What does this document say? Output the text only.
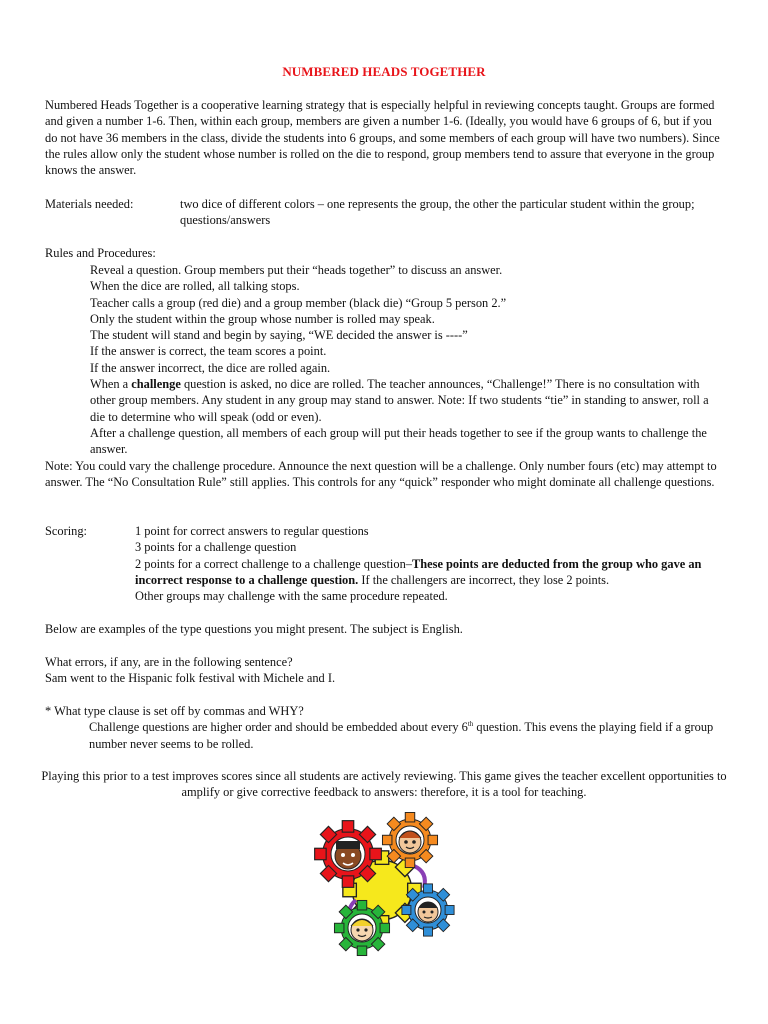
NUMBERED HEADS TOGETHER
Numbered Heads Together is a cooperative learning strategy that is especially helpful in reviewing concepts taught. Groups are formed and given a number 1-6. Then, within each group, members are given a number 1-6. (Ideally, you would have 6 groups of 6, but if you do not have 36 members in the class, divide the students into 6 groups, and some members of each group will have two numbers). Since the rules allow only the student whose number is rolled on the die to respond, group members tend to assure that everyone in the group knows the answer.
Materials needed:	two dice of different colors – one represents the group, the other the particular student within the group; questions/answers
Rules and Procedures:
Reveal a question. Group members put their “heads together” to discuss an answer.
When the dice are rolled, all talking stops.
Teacher calls a group (red die) and a group member (black die) “Group 5 person 2.”
Only the student within the group whose number is rolled may speak.
The student will stand and begin by saying, “WE decided the answer is ----”
If the answer is correct, the team scores a point.
If the answer incorrect, the dice are rolled again.
When a challenge question is asked, no dice are rolled. The teacher announces, “Challenge!” There is no consultation with other group members. Any student in any group may stand to answer. Note: If two students “tie” in standing to answer, roll a die to determine who will speak (odd or even).
After a challenge question, all members of each group will put their heads together to see if the group wants to challenge the answer.
Note: You could vary the challenge procedure. Announce the next question will be a challenge. Only number fours (etc) may attempt to answer. The “No Consultation Rule” still applies. This controls for any “quick” responder who might dominate all challenge questions.
Scoring:	1 point for correct answers to regular questions
3 points for a challenge question
2 points for a correct challenge to a challenge question–These points are deducted from the group who gave an incorrect response to a challenge question. If the challengers are incorrect, they lose 2 points.
Other groups may challenge with the same procedure repeated.
Below are examples of the type questions you might present. The subject is English.
What errors, if any, are in the following sentence?
Sam went to the Hispanic folk festival with Michele and I.
* What type clause is set off by commas and WHY?
Challenge questions are higher order and should be embedded about every 6th question. This evens the playing field if a group number never seems to be rolled.
Playing this prior to a test improves scores since all students are actively reviewing. This game gives the teacher excellent opportunities to amplify or give corrective feedback to answers: therefore, it is a tool for teaching.
